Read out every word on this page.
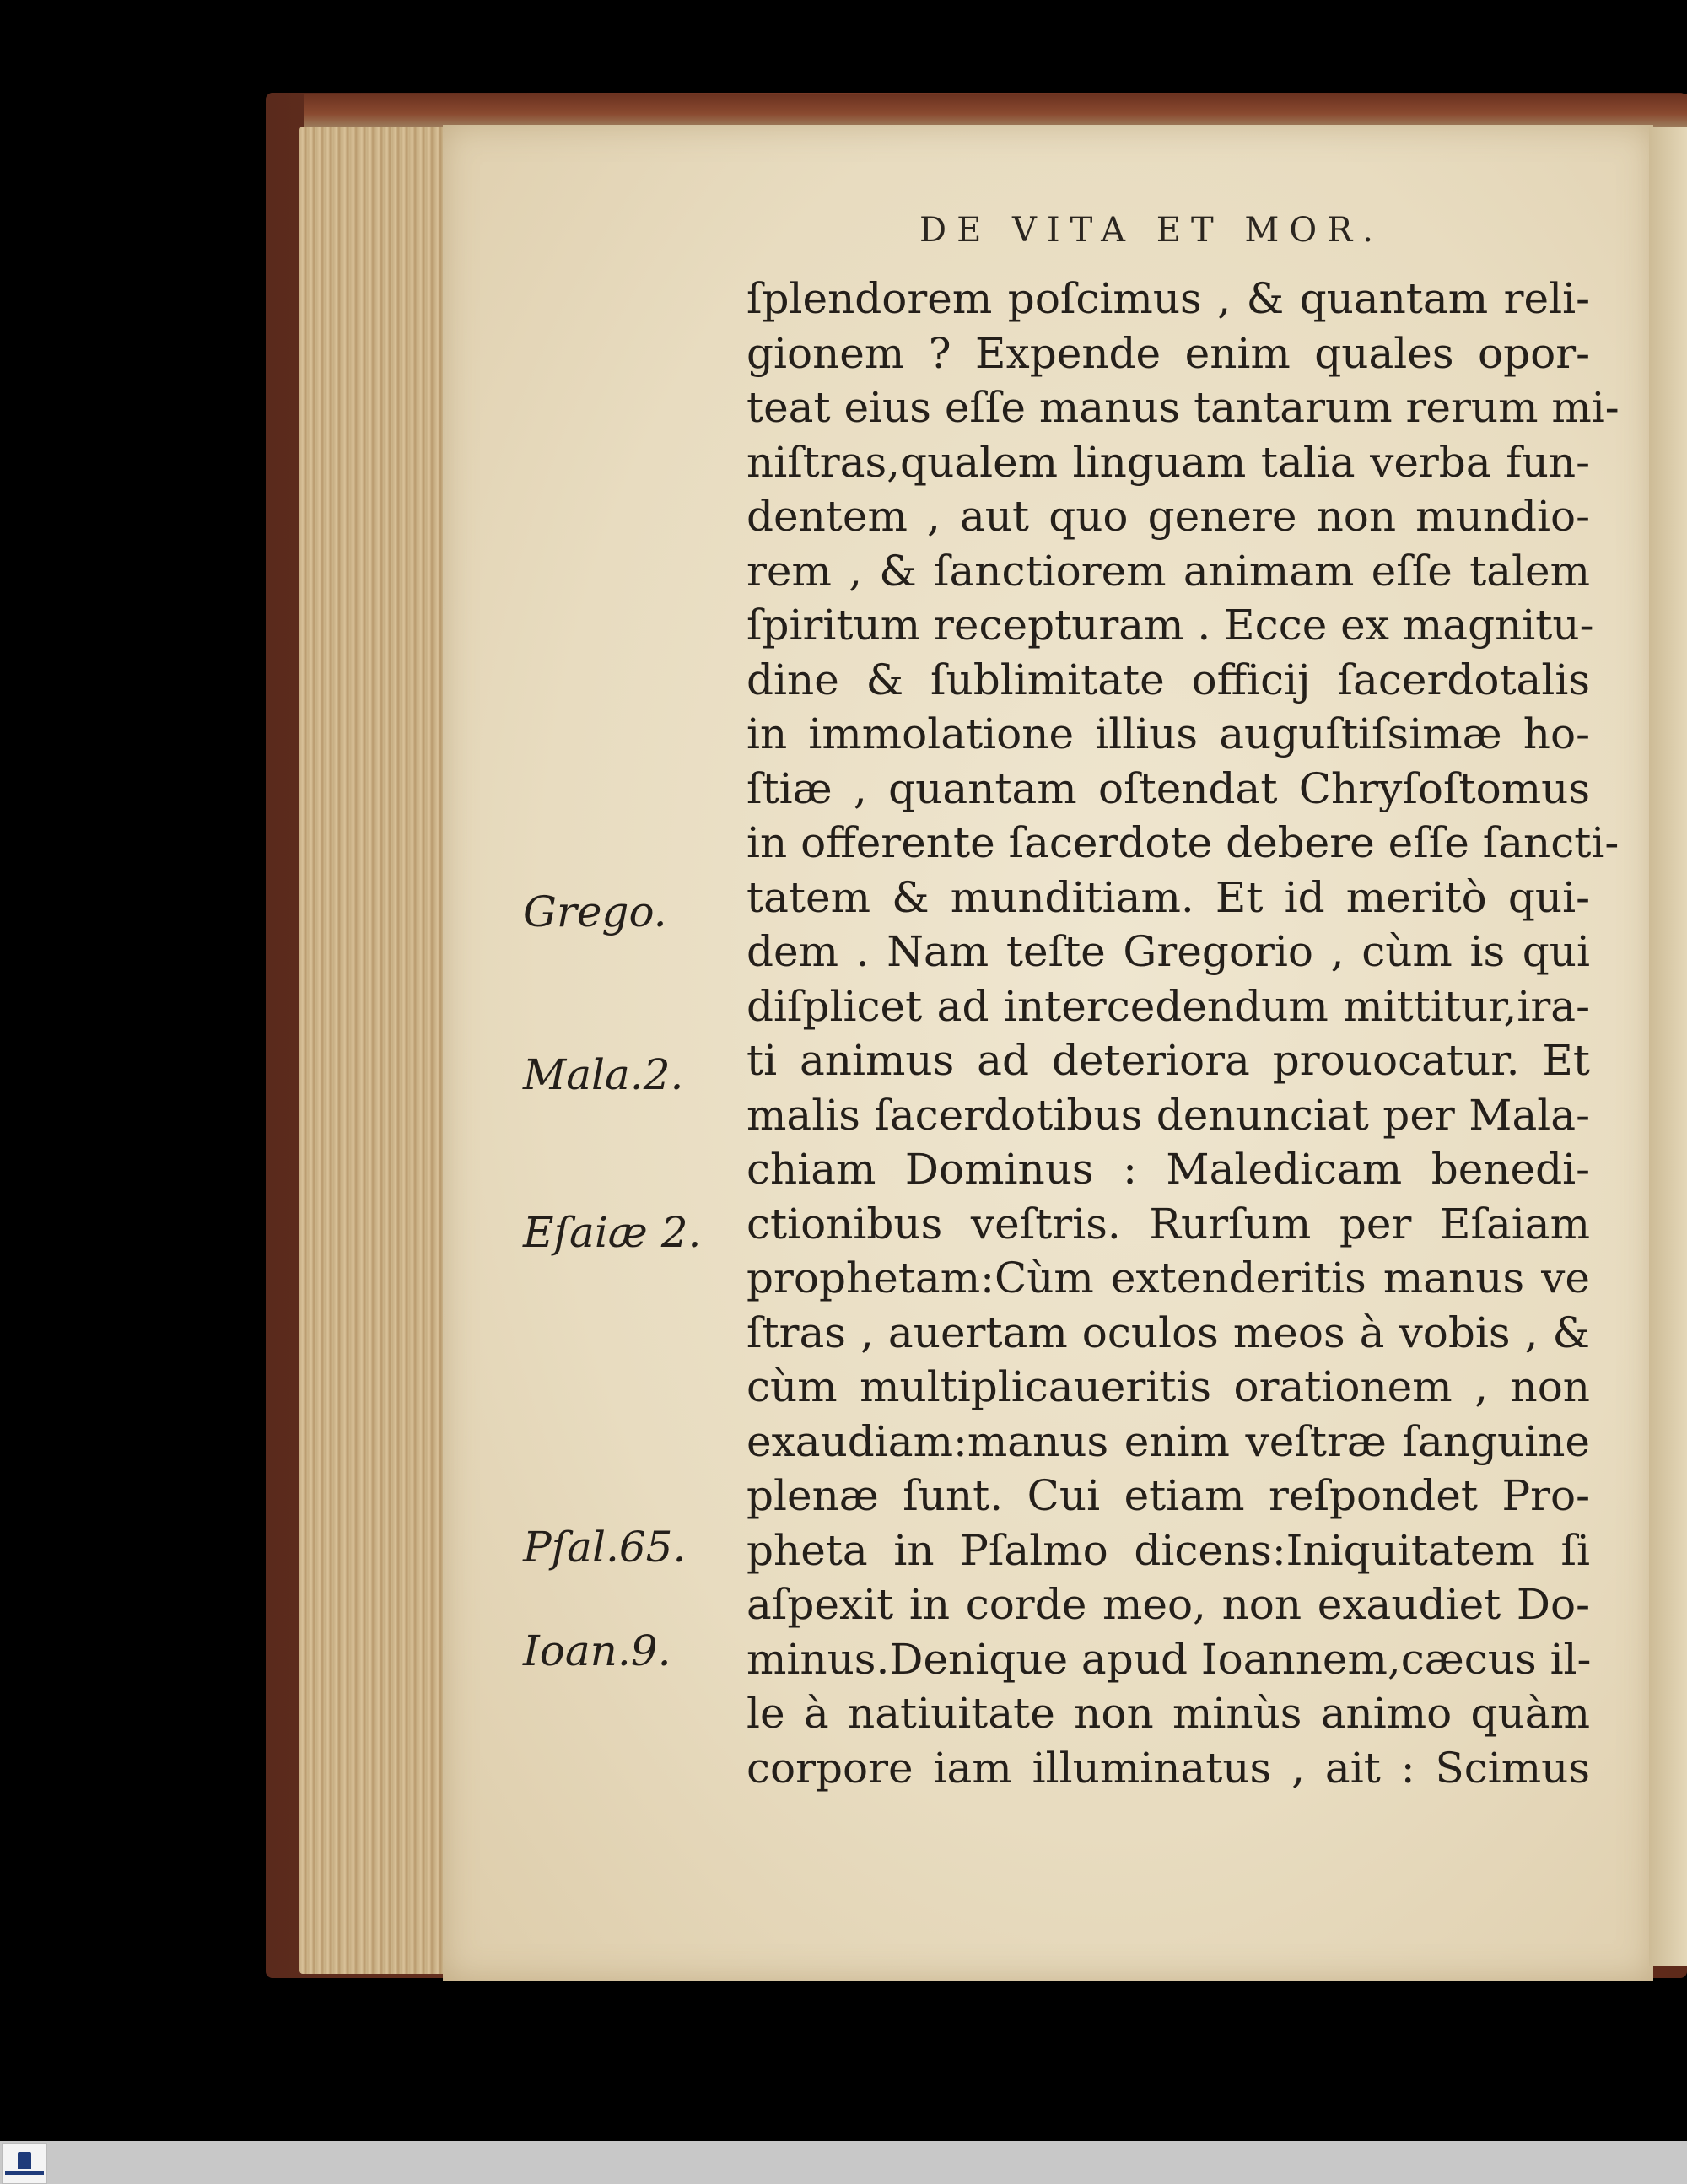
DE VITA ET MOR.
ſplendorem poſcimus , & quantam reli-
gionem ? Expende enim quales opor-
teat eius eſſe manus tantarum rerum mi-
niſtras,qualem linguam talia verba fun-
dentem , aut quo genere non mundio-
rem , & ſanctiorem animam eſſe talem
ſpiritum recepturam . Ecce ex magnitu-
dine & ſublimitate officij ſacerdotalis
in immolatione illius auguſtiſsimæ ho-
ſtiæ , quantam oſtendat Chryſoſtomus
in offerente ſacerdote debere eſſe ſancti-
tatem & munditiam. Et id meritò qui-
dem . Nam teſte Gregorio , cùm is qui
diſplicet ad intercedendum mittitur,ira-
ti animus ad deteriora prouocatur. Et
malis ſacerdotibus denunciat per Mala-
chiam Dominus : Maledicam benedi-
ctionibus veſtris. Rurſum per Eſaiam
prophetam:Cùm extenderitis manus ve
ſtras , auertam oculos meos à vobis , &
cùm multiplicaueritis orationem , non
exaudiam:manus enim veſtræ ſanguine
plenæ ſunt. Cui etiam reſpondet Pro-
pheta in Pſalmo dicens:Iniquitatem ſi
aſpexit in corde meo, non exaudiet Do-
minus.Denique apud Ioannem,cæcus il-
le à natiuitate non minùs animo quàm
corpore iam illuminatus , ait : Scimus
Grego.
Mala.2.
Eſaiæ 2.
Pſal.65.
Ioan.9.
